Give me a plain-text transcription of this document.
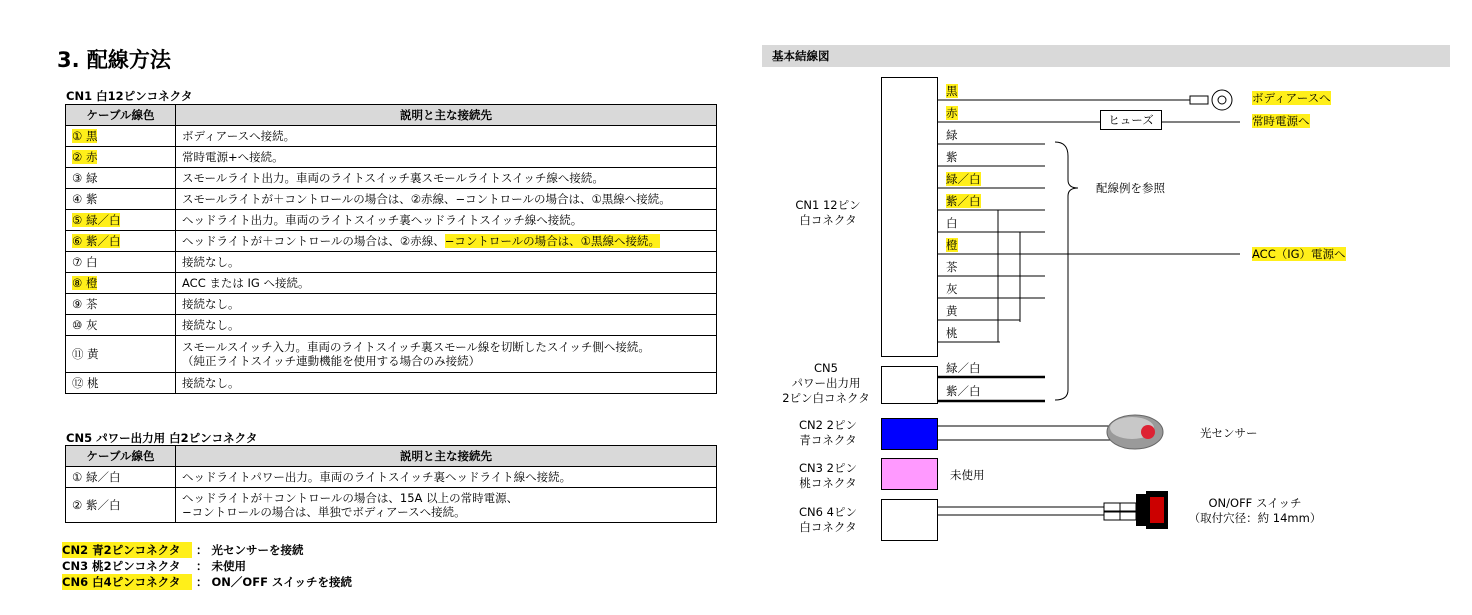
3. 配線方法
CN1 白12ピンコネクタ
ケーブル線色	説明と主な接続先
① 黒	ボディアースへ接続。
② 赤	常時電源+へ接続。
③ 緑	スモールライト出力。車両のライトスイッチ裏スモールライトスイッチ線へ接続。
④ 紫	スモールライトが＋コントロールの場合は、②赤線、−コントロールの場合は、①黒線へ接続。
⑤ 緑／白	ヘッドライト出力。車両のライトスイッチ裏ヘッドライトスイッチ線へ接続。
⑥ 紫／白	ヘッドライトが＋コントロールの場合は、②赤線、−コントロールの場合は、①黒線へ接続。
⑦ 白	接続なし。
⑧ 橙	ACC または IG へ接続。
⑨ 茶	接続なし。
⑩ 灰	接続なし。
⑪ 黄	スモールスイッチ入力。車両のライトスイッチ裏スモール線を切断したスイッチ側へ接続。
（純正ライトスイッチ連動機能を使用する場合のみ接続）

⑫ 桃	接続なし。
CN5 パワー出力用 白2ピンコネクタ
ケーブル線色	説明と主な接続先
① 緑／白	ヘッドライトパワー出力。車両のライトスイッチ裏ヘッドライト線へ接続。
② 紫／白	ヘッドライトが＋コントロールの場合は、15A 以上の常時電源、
−コントロールの場合は、単独でボディアースへ接続。
CN2 青2ピンコネクタ ： 光センサーを接続
CN3 桃2ピンコネクタ ： 未使用
CN6 白4ピンコネクタ ： ON／OFF スイッチを接続
基本結線図
CN1 12ピン
白コネクタ
黒
赤
緑
紫
緑／白
紫／白
白
橙
茶
灰
黄
桃
ヒューズ
ボディアースへ
常時電源へ
ACC（IG）電源へ
配線例を参照
CN5
パワー出力用
2ピン白コネクタ
緑／白
紫／白
CN2 2ピン
青コネクタ	光センサー
CN3 2ピン
桃コネクタ
未使用
CN6 4ピン
白コネクタ
ON/OFF スイッチ
（取付穴径：約 14mm）
